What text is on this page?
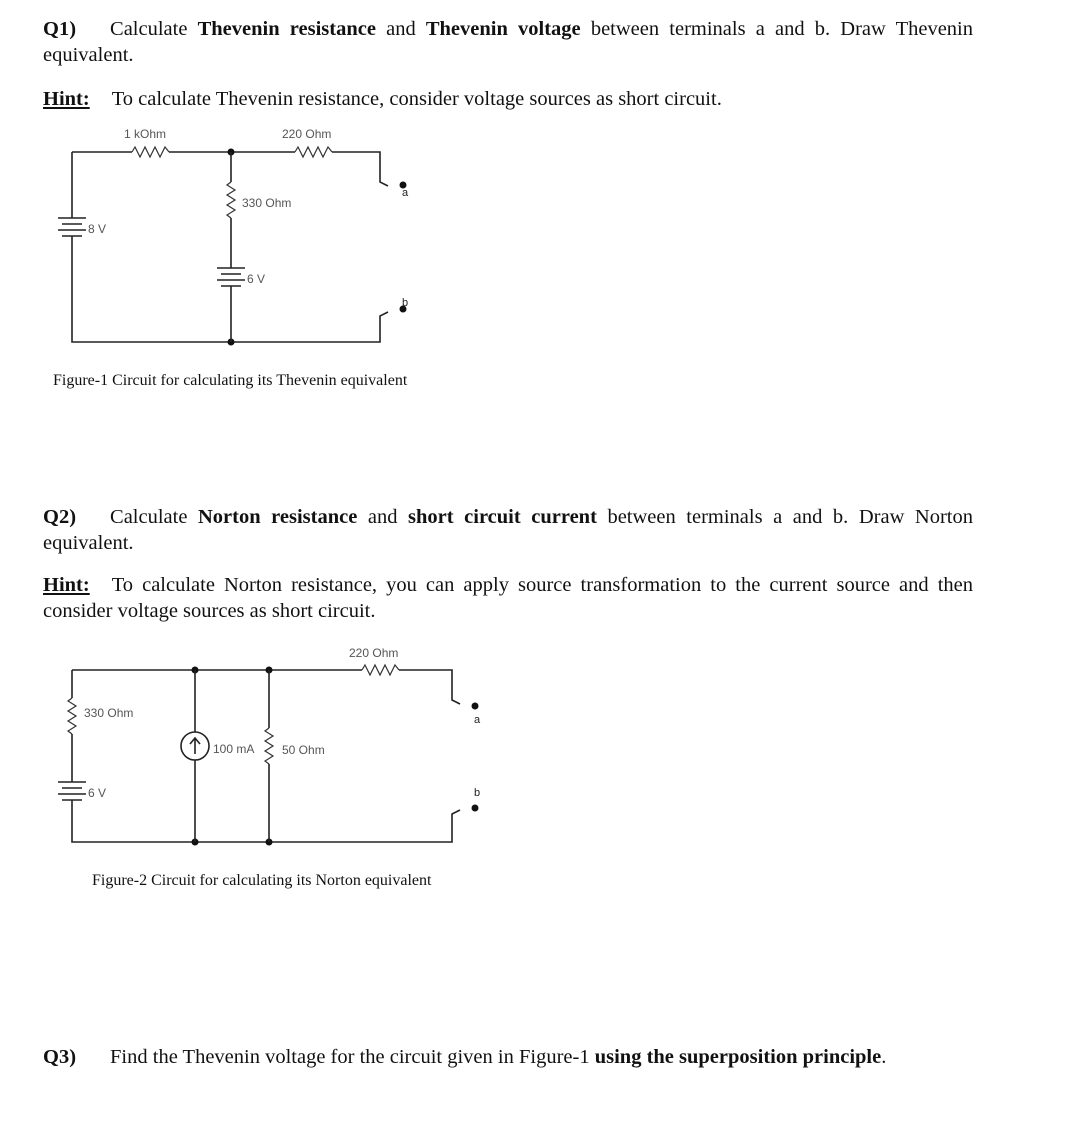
Q1) Calculate Thevenin resistance and Thevenin voltage between terminals a and b. Draw Thevenin equivalent.
Hint: To calculate Thevenin resistance, consider voltage sources as short circuit.
1 kOhm	220 Ohm
330 Ohm
8 V
6 V
a
b
Figure-1 Circuit for calculating its Thevenin equivalent
220 Ohm
330 Ohm
100 mA 50 Ohm
6 V
a
b
Figure-2 Circuit for calculating its Norton equivalent
Q2) Calculate Norton resistance and short circuit current between terminals a and b. Draw Norton equivalent.
Hint: To calculate Norton resistance, you can apply source transformation to the current source and then consider voltage sources as short circuit.
Q3) Find the Thevenin voltage for the circuit given in Figure-1 using the superposition principle.
